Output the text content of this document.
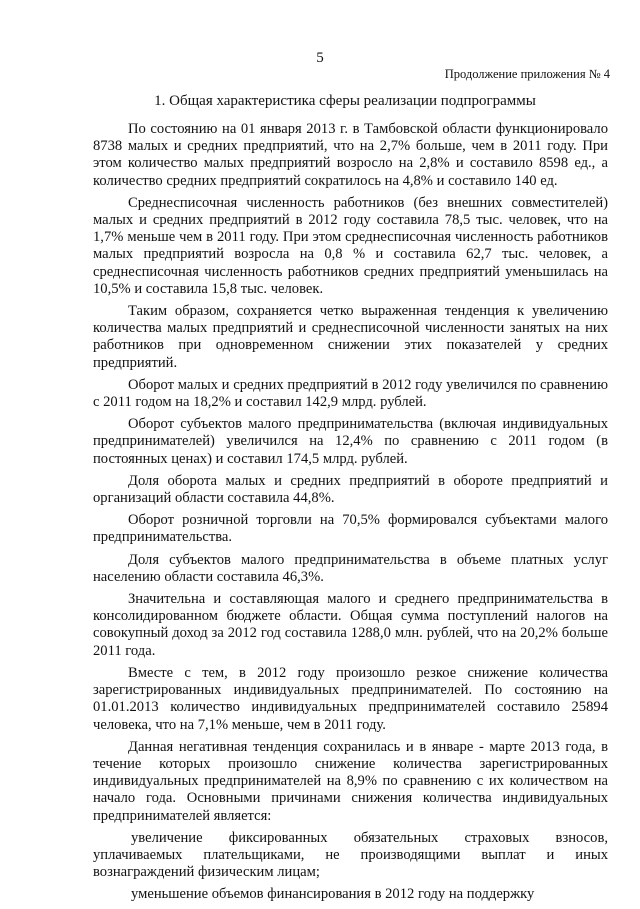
5
Продолжение приложения № 4
1. Общая характеристика сферы реализации подпрограммы

По состоянию на 01 января 2013 г. в Тамбовской области функционировало 8738 малых и средних предприятий, что на 2,7% больше, чем в 2011 году. При этом количество малых предприятий возросло на 2,8% и составило 8598 ед., а количество средних предприятий сократилось на 4,8% и составило 140 ед.

Среднесписочная численность работников (без внешних совместителей) малых и средних предприятий в 2012 году составила 78,5 тыс. человек, что на 1,7% меньше чем в 2011 году. При этом среднесписочная численность работников малых предприятий возросла на 0,8 % и составила 62,7 тыс. человек, а среднесписочная численность работников средних предприятий уменьшилась на 10,5% и составила 15,8 тыс. человек.

Таким образом, сохраняется четко выраженная тенденция к увеличению количества малых предприятий и среднесписочной численности занятых на них работников при одновременном снижении этих показателей у средних предприятий.

Оборот малых и средних предприятий в 2012 году увеличился по сравнению с 2011 годом на 18,2% и составил 142,9 млрд. рублей.

Оборот субъектов малого предпринимательства (включая индивидуальных предпринимателей) увеличился на 12,4% по сравнению с 2011 годом (в постоянных ценах) и составил 174,5 млрд. рублей.

Доля оборота малых и средних предприятий в обороте предприятий и организаций области составила 44,8%.

Оборот розничной торговли на 70,5% формировался субъектами малого предпринимательства.

Доля субъектов малого предпринимательства в объеме платных услуг населению области составила 46,3%.

Значительна и составляющая малого и среднего предпринимательства в консолидированном бюджете области. Общая сумма поступлений налогов на совокупный доход за 2012 год составила 1288,0 млн. рублей, что на 20,2% больше 2011 года.

Вместе с тем, в 2012 году произошло резкое снижение количества зарегистрированных индивидуальных предпринимателей. По состоянию на 01.01.2013 количество индивидуальных предпринимателей составило 25894 человека, что на 7,1% меньше, чем в 2011 году.

Данная негативная тенденция сохранилась и в январе - марте 2013 года, в течение которых произошло снижение количества зарегистрированных индивидуальных предпринимателей на 8,9% по сравнению с их количеством на начало года. Основными причинами снижения количества индивидуальных предпринимателей является:

увеличение фиксированных обязательных страховых взносов, уплачиваемых плательщиками, не производящими выплат и иных вознаграждений физическим лицам;

уменьшение объемов финансирования в 2012 году на поддержку
